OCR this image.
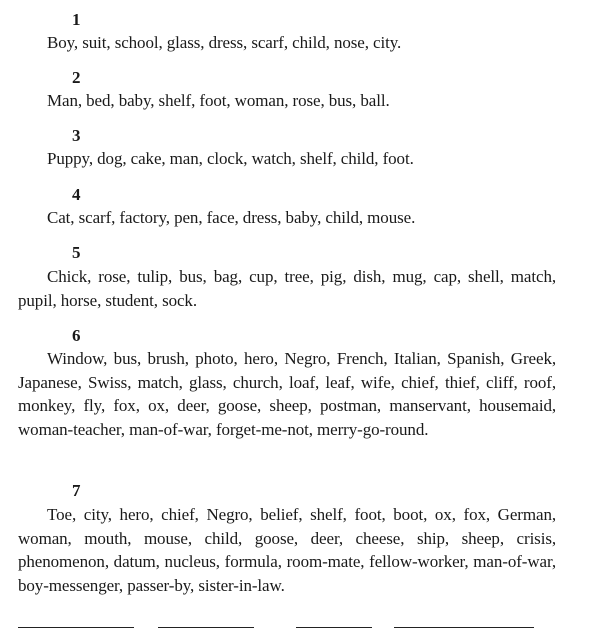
1
Boy, suit, school, glass, dress, scarf, child, nose, city.
2
Man, bed, baby, shelf, foot, woman, rose, bus, ball.
3
Puppy, dog, cake, man, clock, watch, shelf, child, foot.
4
Cat, scarf, factory, pen, face, dress, baby, child, mouse.
5
Chick, rose, tulip, bus, bag, cup, tree, pig, dish, mug, cap, shell, match, pupil, horse, student, sock.
6
Window, bus, brush, photo, hero, Negro, French, Italian, Spanish, Greek, Japanese, Swiss, match, glass, church, loaf, leaf, wife, chief, thief, cliff, roof, monkey, fly, fox, ox, deer, goose, sheep, postman, manservant, housemaid, woman-teacher, man-of-war, forget-me-not, merry-go-round.
7
Toe, city, hero, chief, Negro, belief, shelf, foot, boot, ox, fox, German, woman, mouth, mouse, child, goose, deer, cheese, ship, sheep, crisis, phenomenon, datum, nucleus, formula, room-mate, fellow-worker, man-of-war, boy-messenger, passer-by, sister-in-law.
